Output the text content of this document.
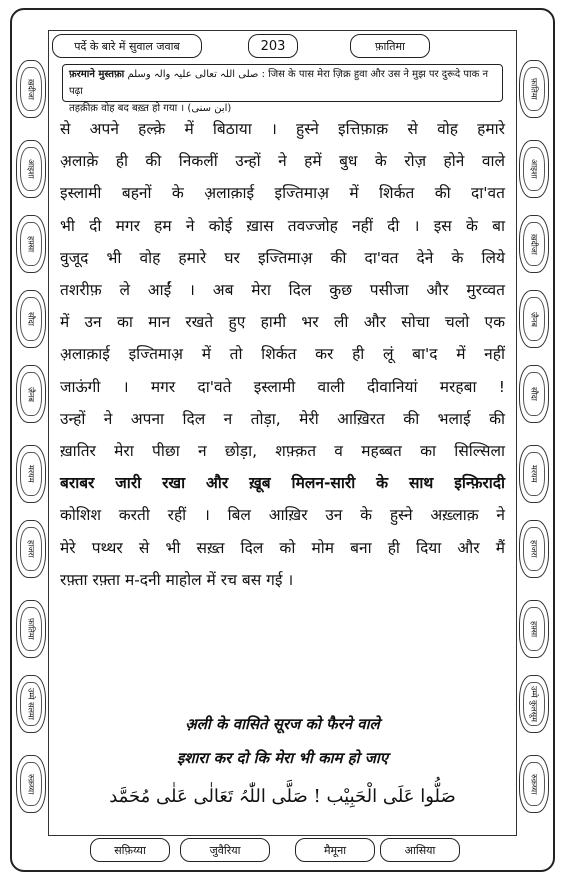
पर्दे के बारे में सुवाल जवाब	203	फ़ातिमा
फ़रमाने मुस्तफ़ा صلی اللہ تعالی علیہ والہ وسلم : जिस के पास मेरा ज़िक्र हुवा और उस ने मुझ पर दुरूदे पाक न पढ़ा
तहक़ीक़ वोह बद बख़्त हो गया । (ابن سنی)

से अपने हल्क़े में बिठाया । हुस्ने इत्तिफ़ाक़ से वोह हमारे

अ़लाक़े ही की निकलीं उन्हों ने हमें बुध के रोज़ होने वाले

इस्लामी बहनों के अ़लाक़ाई इज्तिमाअ़ में शिर्कत की दा'वत

भी दी मगर हम ने कोई ख़ास तवज्जोह नहीं दी । इस के बा

वुजूद भी वोह हमारे घर इज्तिमाअ़ की दा'वत देने के लिये

तशरीफ़ ले आईं । अब मेरा दिल कुछ पसीजा और मुरव्वत

में उन का मान रखते हुए हामी भर ली और सोचा चलो एक

अ़लाक़ाई इज्तिमाअ़ में तो शिर्कत कर ही लूं बा'द में नहीं

जाऊंगी । मगर दा'वते इस्लामी वाली दीवानियां मरहबा !

उन्हों ने अपना दिल न तोड़ा, मेरी आख़िरत की भलाई की

ख़ातिर मेरा पीछा न छोड़ा, शफ़्क़त व महब्बत का सिल्सिला

बराबर जारी रखा और ख़ूब मिलन-सारी के साथ इन्फ़िरादी

कोशिश करती रहीं । बिल आख़िर उन के हुस्ने अख़्लाक़ ने

मेरे पथ्थर से भी सख़्त दिल को मोम बना ही दिया और मैं

रफ़्ता रफ़्ता म-दनी माहोल में रच बस गई ।

अ़ली के वासिते सूरज को फैरने वाले
इशारा कर दो कि मेरा भी काम हो जाए
صَلُّوا عَلَی الْحَبِیْب ! صَلَّی اللّٰہُ تَعَالٰی عَلٰی مُحَمَّد
सफ़िय्या	जुवैरिया	मैमूना	आसिया
ख़दीजा
आइशा
हफ़्सा
सौदा
ज़ैनब
मरयम
हाजरा
फ़ातिमा
उम्मे सलमा
रुक़य्या
फ़ातिमा
आइशा
ख़दीजा
ज़ैनब
सौदा
मरयम
हाजरा
हफ़्सा
उम्मे कुलसूम
रुक़य्या
